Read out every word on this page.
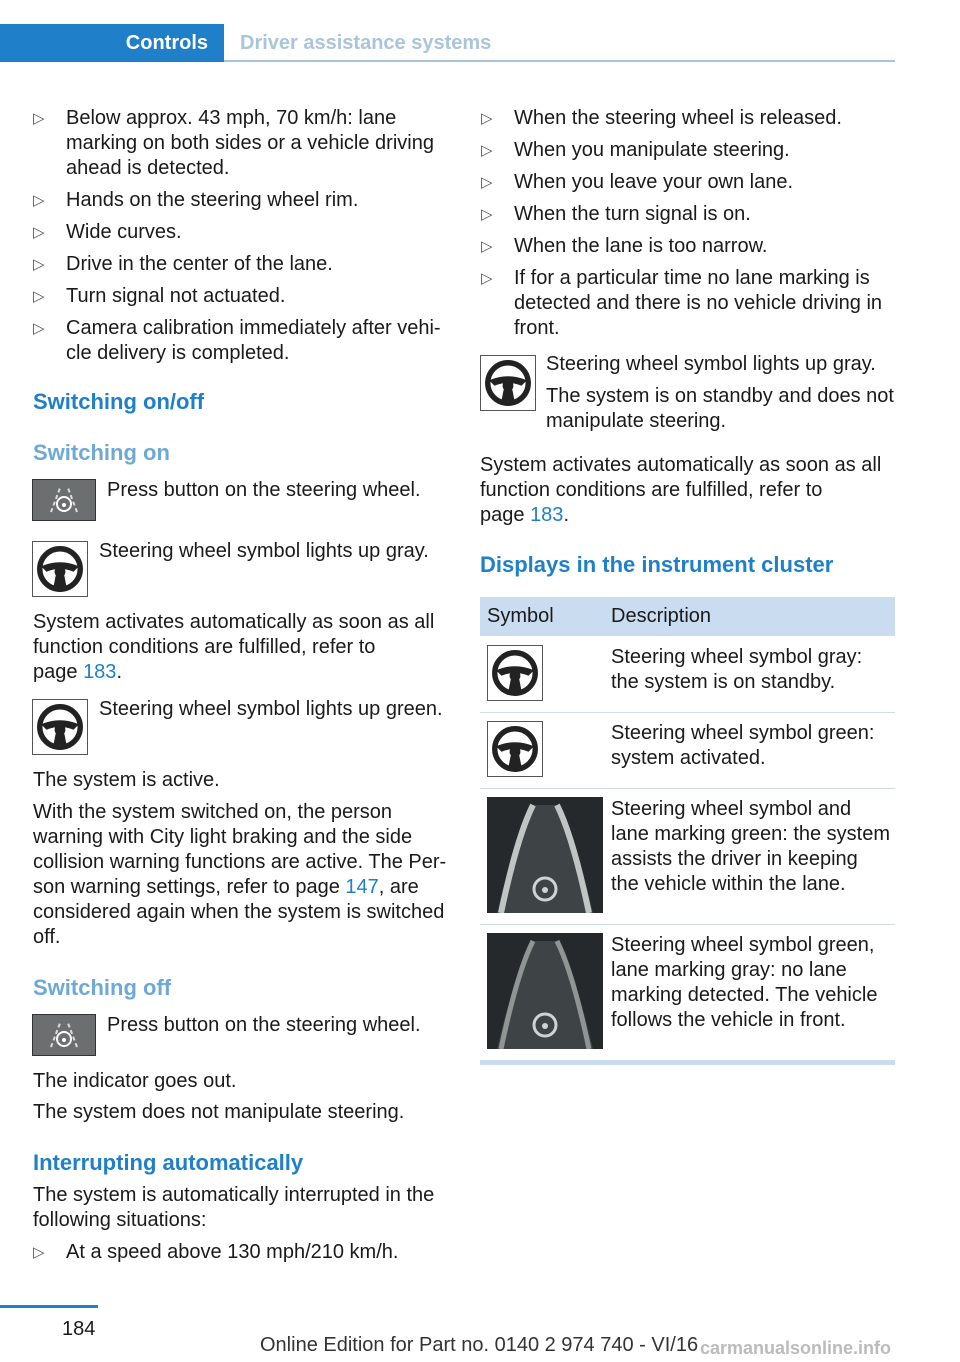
Controls	Driver assistance systems
▷ Below approx. 43 mph, 70 km/h: lane
marking on both sides or a vehicle driving
ahead is detected.
▷ Hands on the steering wheel rim.
▷ Wide curves.
▷ Drive in the center of the lane.
▷ Turn signal not actuated.
▷ Camera calibration immediately after vehi-
cle delivery is completed.
Switching on/off
Switching on
Press button on the steering wheel.
Steering wheel symbol lights up gray.
System activates automatically as soon as all
function conditions are fulfilled, refer to
page 183.
Steering wheel symbol lights up green.
The system is active.
With the system switched on, the person
warning with City light braking and the side
collision warning functions are active. The Per-
son warning settings, refer to page 147, are
considered again when the system is switched
off.
Switching off
Press button on the steering wheel.
The indicator goes out.
The system does not manipulate steering.
Interrupting automatically
The system is automatically interrupted in the
following situations:
▷ At a speed above 130 mph/210 km/h.
▷ When the steering wheel is released.
▷ When you manipulate steering.
▷ When you leave your own lane.
▷ When the turn signal is on.
▷ When the lane is too narrow.
▷ If for a particular time no lane marking is
detected and there is no vehicle driving in
front.
Steering wheel symbol lights up gray.
The system is on standby and does not
manipulate steering.
System activates automatically as soon as all
function conditions are fulfilled, refer to
page 183.
Displays in the instrument cluster
Symbol	Description
Steering wheel symbol gray:
the system is on standby.
Steering wheel symbol green:
system activated.
Steering wheel symbol and
lane marking green: the system
assists the driver in keeping
the vehicle within the lane.
Steering wheel symbol green,
lane marking gray: no lane
marking detected. The vehicle
follows the vehicle in front.
184
Online Edition for Part no. 0140 2 974 740 - VI/16 carmanualsonline.info
